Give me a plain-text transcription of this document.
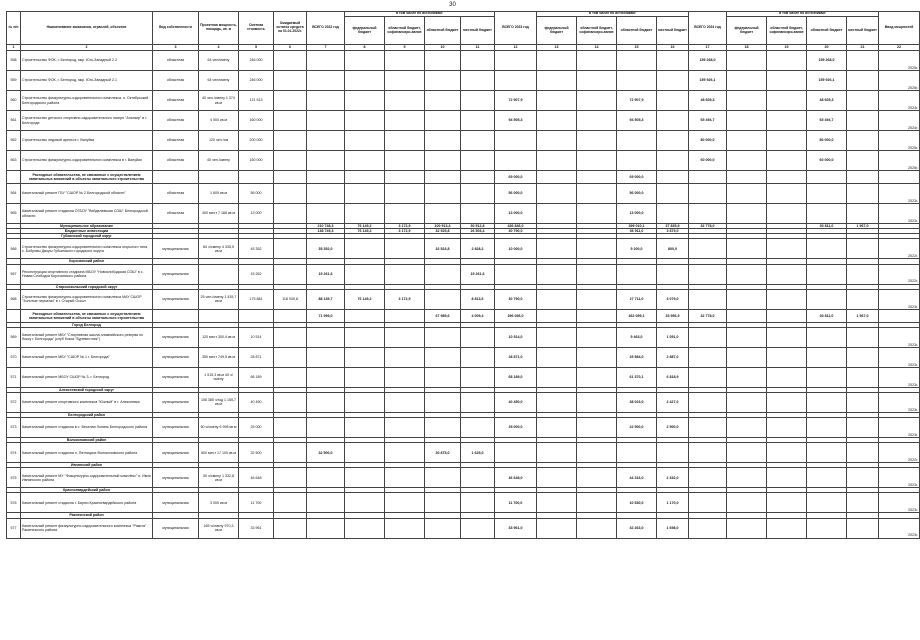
30
№ п/п	Наименование заказчиков, отраслей, объектов	Вид собственности	Проектная мощность, площадь, кв. м	Сметная стоимость	Ожидаемый остаток средств на 01.01.2022г.	ВСЕГО 2022 год	в том числе по источникам:				ВСЕГО 2023 год	в том числе по источникам:				ВСЕГО 2024 год	в том числе по источникам:				Ввод мощностей
							федеральный бюджет	областной бюджет, софинансиро-вание	областной бюджет	местный бюджет		федеральный бюджет	областной бюджет, софинансиро-вание	областной бюджет	местный бюджет		федеральный бюджет	областной бюджет, софинансиро-вание	областной бюджет	местный бюджет	
1	2	3	4	5	6	7	8	9	10	11	12	13	14	15	16	17	18	19	20	21	22
558	Строительство ФОК, г. Белгород, мкр. Юго-Западный 2.2	областная	64 чел/смену	246 000												159 268,0			159 268,0		2025г.
559	Строительство ФОК, г. Белгород, мкр. Юго-Западный 2.1	областная	64 чел/смену	246 000												159 926,1			159 926,1		2025г.
560	Строительство физкультурно-оздоровительного комплекса, п. Октябрьский Белгородского района	областная	40 чел./смену 1 374 кв.м	121 513							72 907,9			72 907,9		48 605,3			48 605,3		2024г.
561	Строительство детского спортивно-оздоровительного лагеря "Альтаир" в г. Белгороде	областная	4 500 кв.м	160 000							94 505,3			94 505,3		65 494,7			65 494,7		2024г.
562	Строительство ледовой арены в г. Валуйки	областная	120 чел./см	200 000												80 000,0			80 000,0		2025г.
563	Строительство физкультурно-оздоровительного комплекса в г. Валуйки	областная	40 чел./смену	150 000												60 000,0			60 000,0		2025г.
	Расходные обязательства, не связанные с осуществлением капитальных вложений в объекты капитального строительства										69 000,0			69 000,0							
564	Капитальный ремонт ГБУ "СШОР № 2 Белгородской области"	областная	1 600 кв.м	56 000							56 000,0			56 000,0							2023г.
565	Капитальный ремонт стадиона ОГБОУ "Вейделевская СОШ" Белгородской области	областная	400 мест 7 168 кв.м	13 000							13 000,0			13 000,0							2023г.
	Муниципальное образование					210 748,3	76 149,2	3 172,9	100 913,4	30 512,8	436 846,0			399 010,1	37 835,9	32 778,0			30 811,0	1 967,0	
	Бюджетные инвестиции					138 749,3	76 149,2	3 172,9	32 925,8	26 503,4	40 790,0			36 911,0	3 879,0						
	Губкинский городской округ																				
566	Строительство физкультурно-оздоровительного комплекса открытого типа, с. Бобровы Дворы Губкинского городского округа	муниципальная	84 ч/смену 4 335,5 кв.м	45 352		35 352,0			32 523,8	2 828,2	10 000,0			9 200,0	800,0						2022г.
	Корочанский район																				
567	Реконструкция спортивного стадиона МБОУ "Новослободская СОШ" в с. Новая Слободка Корочанского района	муниципальная		15 262		15 261,6				15 261,6											2022г.
	Старооскольский городской округ																				
568	Строительство физкультурно-оздоровительного комплекса МАУ СШОР "Золотые перчатки" в г. Старый Оскол	муниципальная	25 чел./смену 1 435,7 кв.м	175 881	118 935,8	88 135,7	76 149,2	3 172,9		8 813,6	30 790,0			27 711,0	3 079,0						2023г.
	Расходные обязательства, не связанные с осуществлением капитальных вложений в объекты капитального строительства					71 999,0			67 989,6	4 009,4	396 056,0			362 099,1	33 956,9	32 778,0			30 811,0	1 967,0	
	Город Белгород																				
569	Капитальный ремонт МБУ "Спортивная школа олимпийского резерва по боксу г. Белгорода" (клуб бокса "Буревестник")	муниципальная	120 мест 300,4 кв.м	10 514							10 514,0			9 463,0	1 051,0						2023г.
570	Капитальный ремонт МБУ "СШОР № 1 г. Белгорода"	муниципальная	350 мест 749,5 кв.м	28 871							28 871,0			25 984,0	2 887,0						2023г.
571	Капитальный ремонт МБОУ СШОР № 3, г. Белгород	муниципальная	1 515,3 кв.м 40 ч/смену	68 189							68 189,0			61 370,1	6 818,9						2023г.
	Алексеевский городской округ																				
572	Капитальный ремонт спортивного комплекса "Южный" в г. Алексеевка	муниципальная	108 385 ч/год 1 155,7 кв.м	40 450							40 450,0			38 023,0	2 427,0						2023г.
	Белгородский район																				
573	Капитальный ремонт стадиона в с. Веселая Лопань Белгородского района	муниципальная	60 ч/смену 6 998 кв.м	25 000							25 000,0			22 500,0	2 500,0						2023г.
	Волоконовский район																				
574	Капитальный ремонт стадиона п. Пятницкое Волоконовского района	муниципальная	600 мест 17 100 кв.м	32 500		32 500,0			30 875,0	1 625,0											2022г.
	Ивнянский район																				
575	Капитальный ремонт МУ "Физкультурно-оздоровительный комплекс" п. Ивня Ивнянского района	муниципальная	50 ч/смену 1 332,8 кв.м	46 648							46 648,0			44 316,0	2 332,0						2023г.
	Красногвардейский район																				
576	Капитальный ремонт стадиона г. Бирюч Красногвардейского района	муниципальная	3 000 кв.м	11 700							11 700,0			10 530,0	1 170,0						2023г.
	Ракитянский район																				
577	Капитальный ремонт физкультурно-оздоровительного комплекса "Ракита" Ракитянского района	муниципальная	165 ч/смену 970,3 кв.м	33 961							33 961,0			32 263,0	1 698,0						2023г.
